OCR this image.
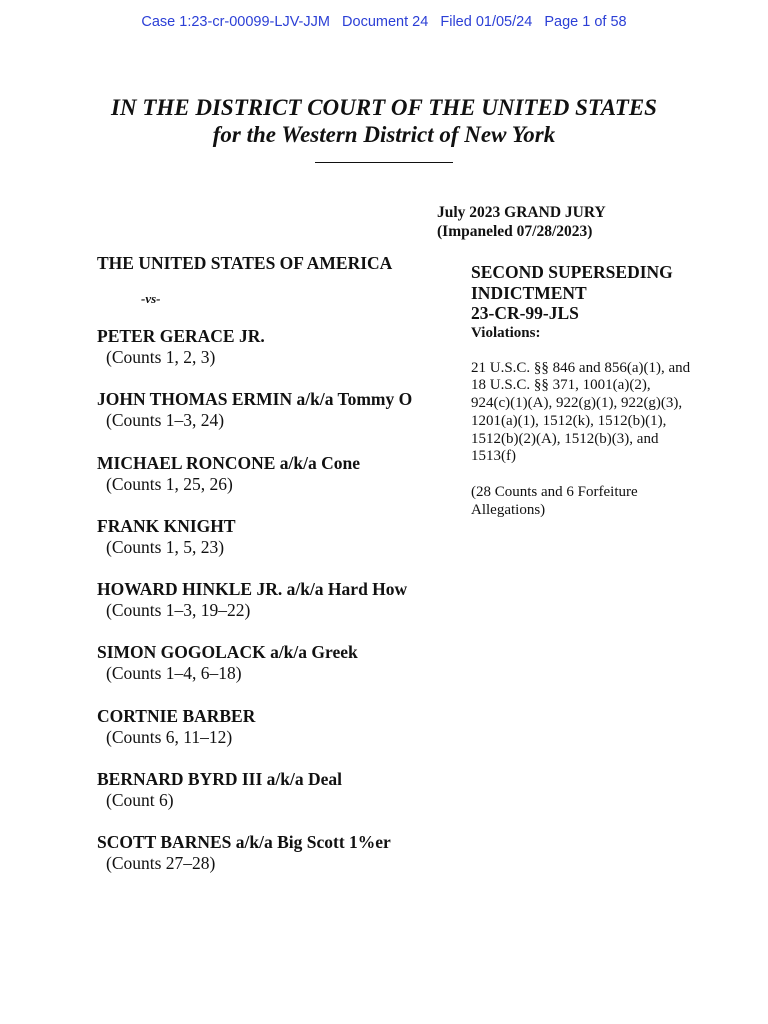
Case 1:23-cr-00099-LJV-JJM   Document 24   Filed 01/05/24   Page 1 of 58
IN THE DISTRICT COURT OF THE UNITED STATES
for the Western District of New York
July 2023 GRAND JURY
(Impaneled 07/28/2023)
THE UNITED STATES OF AMERICA
-vs-
PETER GERACE JR.
(Counts 1, 2, 3)
JOHN THOMAS ERMIN a/k/a Tommy O
(Counts 1–3, 24)
MICHAEL RONCONE a/k/a Cone
(Counts 1, 25, 26)
FRANK KNIGHT
(Counts 1, 5, 23)
HOWARD HINKLE JR. a/k/a Hard How
(Counts 1–3, 19–22)
SIMON GOGOLACK a/k/a Greek
(Counts 1–4, 6–18)
CORTNIE BARBER
(Counts 6, 11–12)
BERNARD BYRD III a/k/a Deal
(Count 6)
SCOTT BARNES a/k/a Big Scott 1%er
(Counts 27–28)
SECOND SUPERSEDING
INDICTMENT
23-CR-99-JLS
Violations:
21 U.S.C. §§ 846 and 856(a)(1), and
18 U.S.C. §§ 371, 1001(a)(2),
924(c)(1)(A), 922(g)(1), 922(g)(3),
1201(a)(1), 1512(k), 1512(b)(1),
1512(b)(2)(A), 1512(b)(3), and
1513(f)
(28 Counts and 6 Forfeiture
Allegations)
